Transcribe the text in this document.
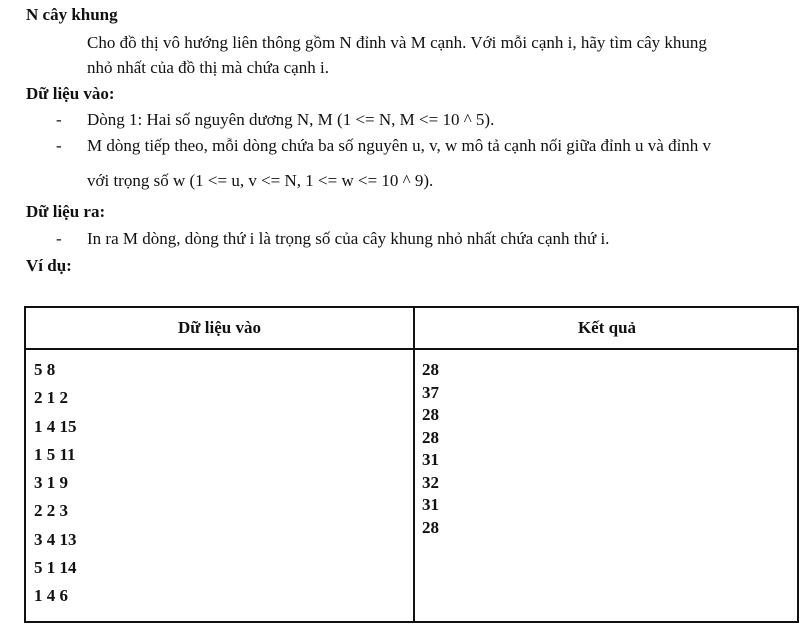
N cây khung
Cho đồ thị vô hướng liên thông gồm N đỉnh và M cạnh. Với mỗi cạnh i, hãy tìm cây khung
nhỏ nhất của đồ thị mà chứa cạnh i.
Dữ liệu vào:
- Dòng 1: Hai số nguyên dương N, M (1 <= N, M <= 10 ^ 5).
- M dòng tiếp theo, mỗi dòng chứa ba số nguyên u, v, w mô tả cạnh nối giữa đỉnh u và đỉnh v
với trọng số w (1 <= u, v <= N, 1 <= w <= 10 ^ 9).
Dữ liệu ra:
- In ra M dòng, dòng thứ i là trọng số của cây khung nhỏ nhất chứa cạnh thứ i.
Ví dụ:
Dữ liệu vào	Kết quả
5 8
2 1 2
1 4 15
1 5 11
3 1 9
2 2 3
3 4 13
5 1 14
1 4 6
28
37
28
28
31
32
31
28
